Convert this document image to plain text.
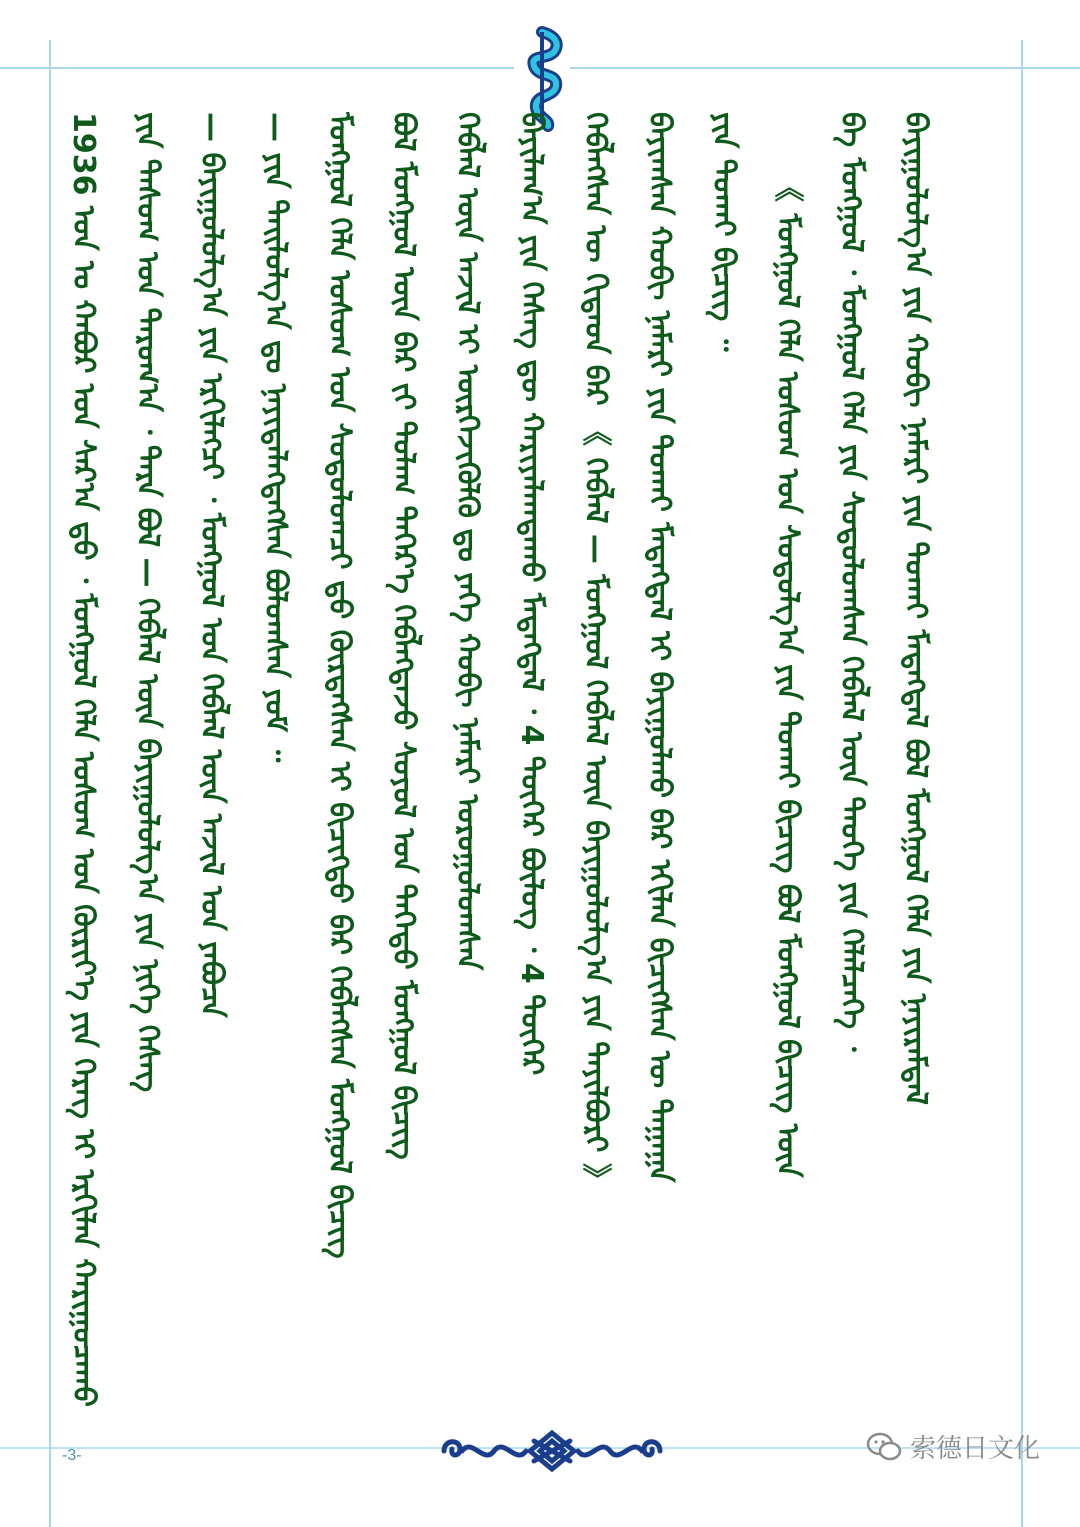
1936 ᠣᠨ ᠤ ᠬᠠᠪᠤᠷ ᠤᠨ ᠰᠠᠷ᠎ᠠ ᠳ᠋ᠤ᠌ ᠂ ᠮᠣᠩᠭᠣᠯ ᠬᠡᠯᠡ ᠤᠰᠤᠭ ᠤᠨ ᠬᠦᠷᠢᠶ᠎ᠡ ᠶᠢᠨ ᠬᠡᠷᠡᠭ ᠢ ᠡᠷᠬᠢᠯᠡᠨ ᠬᠠᠷᠢᠭᠤᠴᠠᠬᠤ ᠶᠢᠨ ᠲᠠᠰᠤᠭ ᠤᠨ ᠳᠠᠷᠤᠭ᠎ᠠ ᠂ ᠲᠡᠷᠡ ᠪᠣᠯ — ᠬᠡᠪᠯᠡᠯ ᠦᠨ ᠪᠠᠶᠢᠭᠤᠯᠤᠯᠭ᠎ᠠ ᠶᠢᠨ ᠨᠢᠭᠡ ᠬᠡᠰᠡᠭ — ᠪᠠᠶᠢᠭᠤᠯᠤᠯᠭ᠎ᠠ ᠶᠢᠨ ᠡᠷᠬᠢᠯᠡᠭᠴᠢ ᠂ ᠮᠣᠩᠭᠣᠯ ᠤᠨ ᠬᠡᠪᠯᠡᠯ ᠦᠨ ᠠᠵᠢᠯ ᠤᠨ ᠶᠠᠪᠤᠴᠠ — ᠶᠢᠨ ᠲᠠᠢᠯᠤᠯᠭ᠎ᠠ ᠳᠤ ᠨᠡᠶᠢᠲᠡᠯᠡᠭᠳᠡᠭᠰᠡᠨ ᠪᠤᠯᠤᠭᠰᠠᠨ ᠶᠤᠮ ᠃ ᠮᠣᠩᠭᠣᠯ ᠬᠡᠯᠡ ᠤᠰᠤᠭ ᠤᠨ ᠰᠤᠳᠤᠯᠤᠭᠴᠢ ᠳ᠋ᠤ᠌ ᠬᠦᠷᠲᠡᠭᠰᠡᠨ ᠢ ᠪᠢᠴᠢᠭᠲᠦ ᠪᠠᠷ ᠬᠡᠪᠯᠡᠭᠰᠡᠨ ᠮᠣᠩᠭᠣᠯ ᠪᠢᠴᠢᠭ ᠪᠣᠯ ᠮᠣᠩᠭᠣᠯ ᠦᠨ ᠪᠠᠷ ᠵᠢ ᠲᠤᠯᠠᠭ ᠳᠡᠭᠡᠷ᠎ᠡ ᠬᠡᠪᠯᠡᠭᠳᠡᠵᠦ ᠰᠣᠶᠣᠯ ᠤᠨ ᠳᠡᠭᠡᠳᠦ ᠮᠣᠩᠭᠣᠯ ᠪᠢᠴᠢᠭ ᠬᠡᠪᠯᠡᠯ ᠦᠨ ᠠᠵᠢᠯ ᠢ ᠦᠷᠭᠡᠵᠢᠭᠦᠯᠬᠦ ᠳᠤ ᠶᠡᠭᠡ ᠬᠤᠪᠢ ᠨᠡᠮᠡᠷᠢ ᠣᠷᠣᠭᠤᠯᠤᠭᠰᠠᠨ ᠪᠠᠶᠢᠯᠠᠭ᠎ᠠ ᠶᠢᠨ ᠬᠡᠰᠡᠭ ᠳᠦ ᠬᠠᠷᠢᠶᠠᠯᠠᠭᠳᠠᠬᠤ ᠮᠡᠳᠡᠭᠳᠡᠯ ᠂ 4 ᠳᠦᠭᠡᠷ ᠪᠦᠯᠦᠭ ᠂ 4 ᠳᠦᠭᠡᠷ ᠬᠡᠪᠯᠡᠭᠰᠡᠨ ᠦ ᠬᠢᠳᠠᠳ ᠪᠠᠷ 《 ᠬᠡᠪᠯᠡᠯ — ᠮᠣᠩᠭᠣᠯ ᠬᠡᠪᠯᠡᠯ ᠦᠨ ᠪᠠᠶᠢᠭᠤᠯᠤᠯᠭ᠎ᠠ ᠶᠢᠨ ᠲᠠᠶᠢᠯᠪᠤᠷᠢ 》 ᠪᠠᠶᠢᠭᠰᠠᠨ ᠬᠤᠪᠢ ᠨᠡᠮᠡᠷᠢ ᠶᠢᠨ ᠲᠤᠬᠠᠢ ᠮᠡᠳᠡᠭᠳᠡᠯ ᠢ ᠪᠠᠶᠢᠭᠤᠯᠬᠤ ᠪᠠᠷ ᠡᠬᠢᠯᠡᠨ ᠪᠢᠴᠢᠭᠰᠡᠨ ᠦ ᠳᠠᠭᠠᠭᠠ ᠶᠢᠨ ᠲᠤᠬᠠᠢ ᠪᠢᠴᠢᠭ ᠃ 《 ᠮᠣᠩᠭᠣᠯ ᠬᠡᠯᠡ ᠤᠰᠤᠭ ᠤᠨ ᠰᠤᠳᠤᠯᠭ᠎ᠠ ᠶᠢᠨ ᠲᠤᠬᠠᠢ ᠪᠢᠴᠢᠭ ᠪᠣᠯ ᠮᠣᠩᠭᠣᠯ ᠪᠢᠴᠢᠭ ᠦᠨ ᠪᠠ ᠮᠣᠩᠭᠣᠯ ᠂ ᠮᠣᠩᠭᠣᠯ ᠬᠡᠯᠡ ᠶᠢᠨ ᠰᠤᠳᠤᠯᠤᠭᠰᠠᠨ ᠬᠡᠪᠯᠡᠯ ᠦᠨ ᠲᠡᠦᠬᠡ ᠶᠢᠨ ᠬᠡᠯᠡᠯᠴᠡᠭᠡ ᠂ ᠪᠠᠶᠢᠭᠤᠯᠤᠯᠭ᠎ᠠ ᠶᠢᠨ ᠬᠤᠪᠢ ᠨᠡᠮᠡᠷᠢ ᠶᠢᠨ ᠲᠤᠬᠠᠢ ᠮᠡᠳᠡᠭᠳᠡᠯ ᠪᠣᠯ ᠮᠣᠩᠭᠣᠯ ᠬᠡᠯᠡ ᠶᠢᠨ ᠨᠠᠶᠢᠷᠠᠮᠳᠠᠯ
-3-	索德日文化
